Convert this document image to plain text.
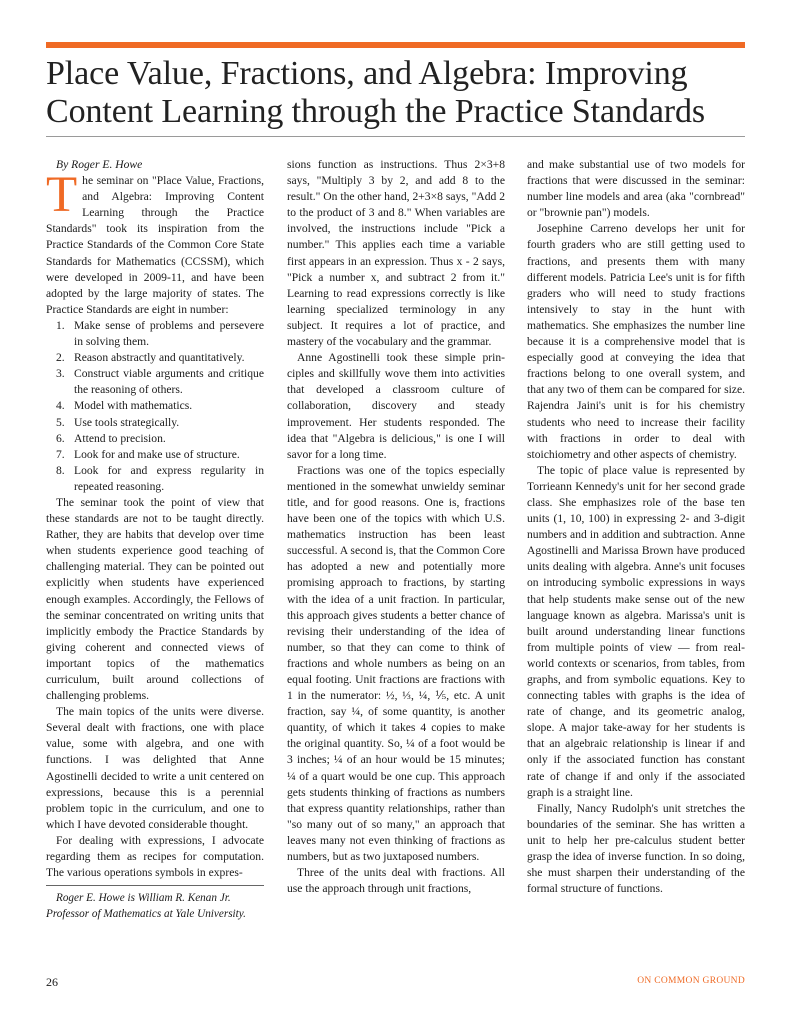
Place Value, Fractions, and Algebra: Improving Content Learning through the Practice Standards

By Roger E. Howe

The seminar on "Place Value, Fractions, and Algebra: Improving Content Learning through the Practice Standards" took its inspiration from the Practice Standards of the Common Core State Standards for Mathematics (CCSSM), which were developed in 2009-11, and have been adopted by the large majority of states. The Practice Standards are eight in number:

1. Make sense of problems and persevere in solving them.
2. Reason abstractly and quantitatively.
3. Construct viable arguments and critique the reasoning of others.
4. Model with mathematics.
5. Use tools strategically.
6. Attend to precision.
7. Look for and make use of structure.
8. Look for and express regularity in repeated reasoning.

The seminar took the point of view that these standards are not to be taught directly. Rather, they are habits that develop over time when students experience good teaching of challenging material. They can be pointed out explicitly when students have experienced enough examples. Accordingly, the Fellows of the seminar concentrated on writing units that implicitly embody the Practice Standards by giving coherent and connected views of important topics of the mathematics curriculum, built around collections of challenging problems.

The main topics of the units were diverse. Several dealt with fractions, one with place value, some with algebra, and one with functions. I was delighted that Anne Agostinelli decided to write a unit centered on expressions, because this is a perennial problem topic in the curriculum, and one to which I have devoted considerable thought.

For dealing with expressions, I advocate regarding them as recipes for computation. The various operations symbols in expres-

Roger E. Howe is William R. Kenan Jr. Professor of Mathematics at Yale University.

sions function as instructions. Thus 2×3+8 says, "Multiply 3 by 2, and add 8 to the result." On the other hand, 2+3×8 says, "Add 2 to the product of 3 and 8." When variables are involved, the instructions include "Pick a number." This applies each time a variable first appears in an expression. Thus x - 2 says, "Pick a number x, and subtract 2 from it." Learning to read expressions correctly is like learning specialized terminology in any subject. It requires a lot of practice, and mastery of the vocabulary and the grammar.

Anne Agostinelli took these simple principles and skillfully wove them into activities that developed a classroom culture of collaboration, discovery and steady improvement. Her students responded. The idea that "Algebra is delicious," is one I will savor for a long time.

Fractions was one of the topics especially mentioned in the somewhat unwieldy seminar title, and for good reasons. One is, fractions have been one of the topics with which U.S. mathematics instruction has been least successful. A second is, that the Common Core has adopted a new and potentially more promising approach to fractions, by starting with the idea of a unit fraction. In particular, this approach gives students a better chance of revising their understanding of the idea of number, so that they can come to think of fractions and whole numbers as being on an equal footing. Unit fractions are fractions with 1 in the numerator: ½, ⅓, ¼, ⅕, etc. A unit fraction, say ¼, of some quantity, is another quantity, of which it takes 4 copies to make the original quantity. So, ¼ of a foot would be 3 inches; ¼ of an hour would be 15 minutes; ¼ of a quart would be one cup. This approach gets students thinking of fractions as numbers that express quantity relationships, rather than "so many out of so many," an approach that leaves many not even thinking of fractions as numbers, but as two juxtaposed numbers.

Three of the units deal with fractions. All use the approach through unit fractions,

and make substantial use of two models for fractions that were discussed in the seminar: number line models and area (aka "cornbread" or "brownie pan") models.

Josephine Carreno develops her unit for fourth graders who are still getting used to fractions, and presents them with many different models. Patricia Lee's unit is for fifth graders who will need to study fractions intensively to stay in the hunt with mathematics. She emphasizes the number line because it is a comprehensive model that is especially good at conveying the idea that fractions belong to one overall system, and that any two of them can be compared for size. Rajendra Jaini's unit is for his chemistry students who need to increase their facility with fractions in order to deal with stoichiometry and other aspects of chemistry.

The topic of place value is represented by Torrieann Kennedy's unit for her second grade class. She emphasizes role of the base ten units (1, 10, 100) in expressing 2- and 3-digit numbers and in addition and subtraction. Anne Agostinelli and Marissa Brown have produced units dealing with algebra. Anne's unit focuses on introducing symbolic expressions in ways that help students make sense out of the new language known as algebra. Marissa's unit is built around understanding linear functions from multiple points of view — from real-world contexts or scenarios, from tables, from graphs, and from symbolic equations. Key to connecting tables with graphs is the idea of rate of change, and its geometric analog, slope. A major take-away for her students is that an algebraic relationship is linear if and only if the associated function has constant rate of change if and only if the associated graph is a straight line.

Finally, Nancy Rudolph's unit stretches the boundaries of the seminar. She has written a unit to help her pre-calculus student better grasp the idea of inverse function. In so doing, she must sharpen their understanding of the formal structure of functions.

26	ON COMMON GROUND
